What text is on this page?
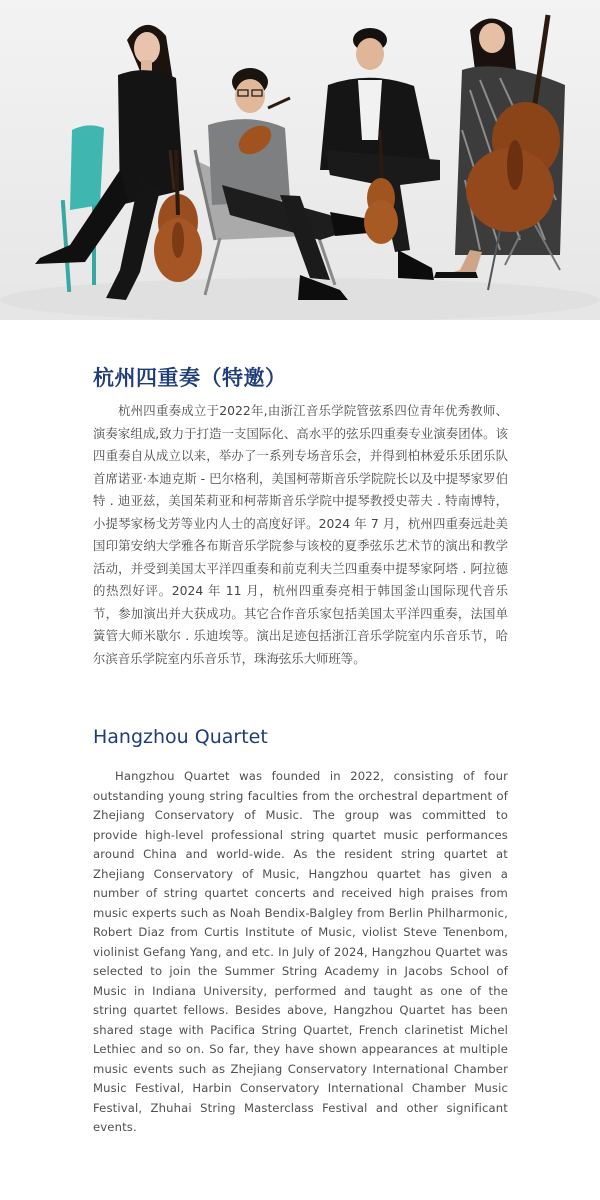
杭州四重奏（特邀）

杭州四重奏成立于2022年,由浙江音乐学院管弦系四位青年优秀教师、演奏家组成,致力于打造一支国际化、高水平的弦乐四重奏专业演奏团体。该四重奏自从成立以来，举办了一系列专场音乐会，并得到柏林爱乐乐团乐队首席诺亚·本迪克斯 - 巴尔格利，美国柯蒂斯音乐学院院长以及中提琴家罗伯特 . 迪亚兹，美国茱莉亚和柯蒂斯音乐学院中提琴教授史蒂夫 . 特南博特，小提琴家杨戈芳等业内人士的高度好评。2024 年 7 月，杭州四重奏远赴美国印第安纳大学雅各布斯音乐学院参与该校的夏季弦乐艺术节的演出和教学活动，并受到美国太平洋四重奏和前克利夫兰四重奏中提琴家阿塔 . 阿拉德的热烈好评。2024 年 11 月，杭州四重奏亮相于韩国釜山国际现代音乐节，参加演出并大获成功。其它合作音乐家包括美国太平洋四重奏，法国单簧管大师米歇尔 . 乐迪埃等。演出足迹包括浙江音乐学院室内乐音乐节，哈尔滨音乐学院室内乐音乐节，珠海弦乐大师班等。

Hangzhou Quartet

Hangzhou Quartet was founded in 2022, consisting of four outstanding young string faculties from the orchestral department of Zhejiang Conservatory of Music. The group was committed to provide high-level professional string quartet music performances around China and world-wide. As the resident string quartet at Zhejiang Conservatory of Music, Hangzhou quartet has given a number of string quartet concerts and received high praises from music experts such as Noah Bendix-Balgley from Berlin Philharmonic, Robert Diaz from Curtis Institute of Music, violist Steve Tenenbom, violinist Gefang Yang, and etc. In July of 2024, Hangzhou Quartet was selected to join the Summer String Academy in Jacobs School of Music in Indiana University, performed and taught as one of the string quartet fellows. Besides above, Hangzhou Quartet has been shared stage with Pacifica String Quartet, French clarinetist Michel Lethiec and so on. So far, they have shown appearances at multiple music events such as Zhejiang Conservatory International Chamber Music Festival, Harbin Conservatory International Chamber Music Festival, Zhuhai String Masterclass Festival and other significant events.
